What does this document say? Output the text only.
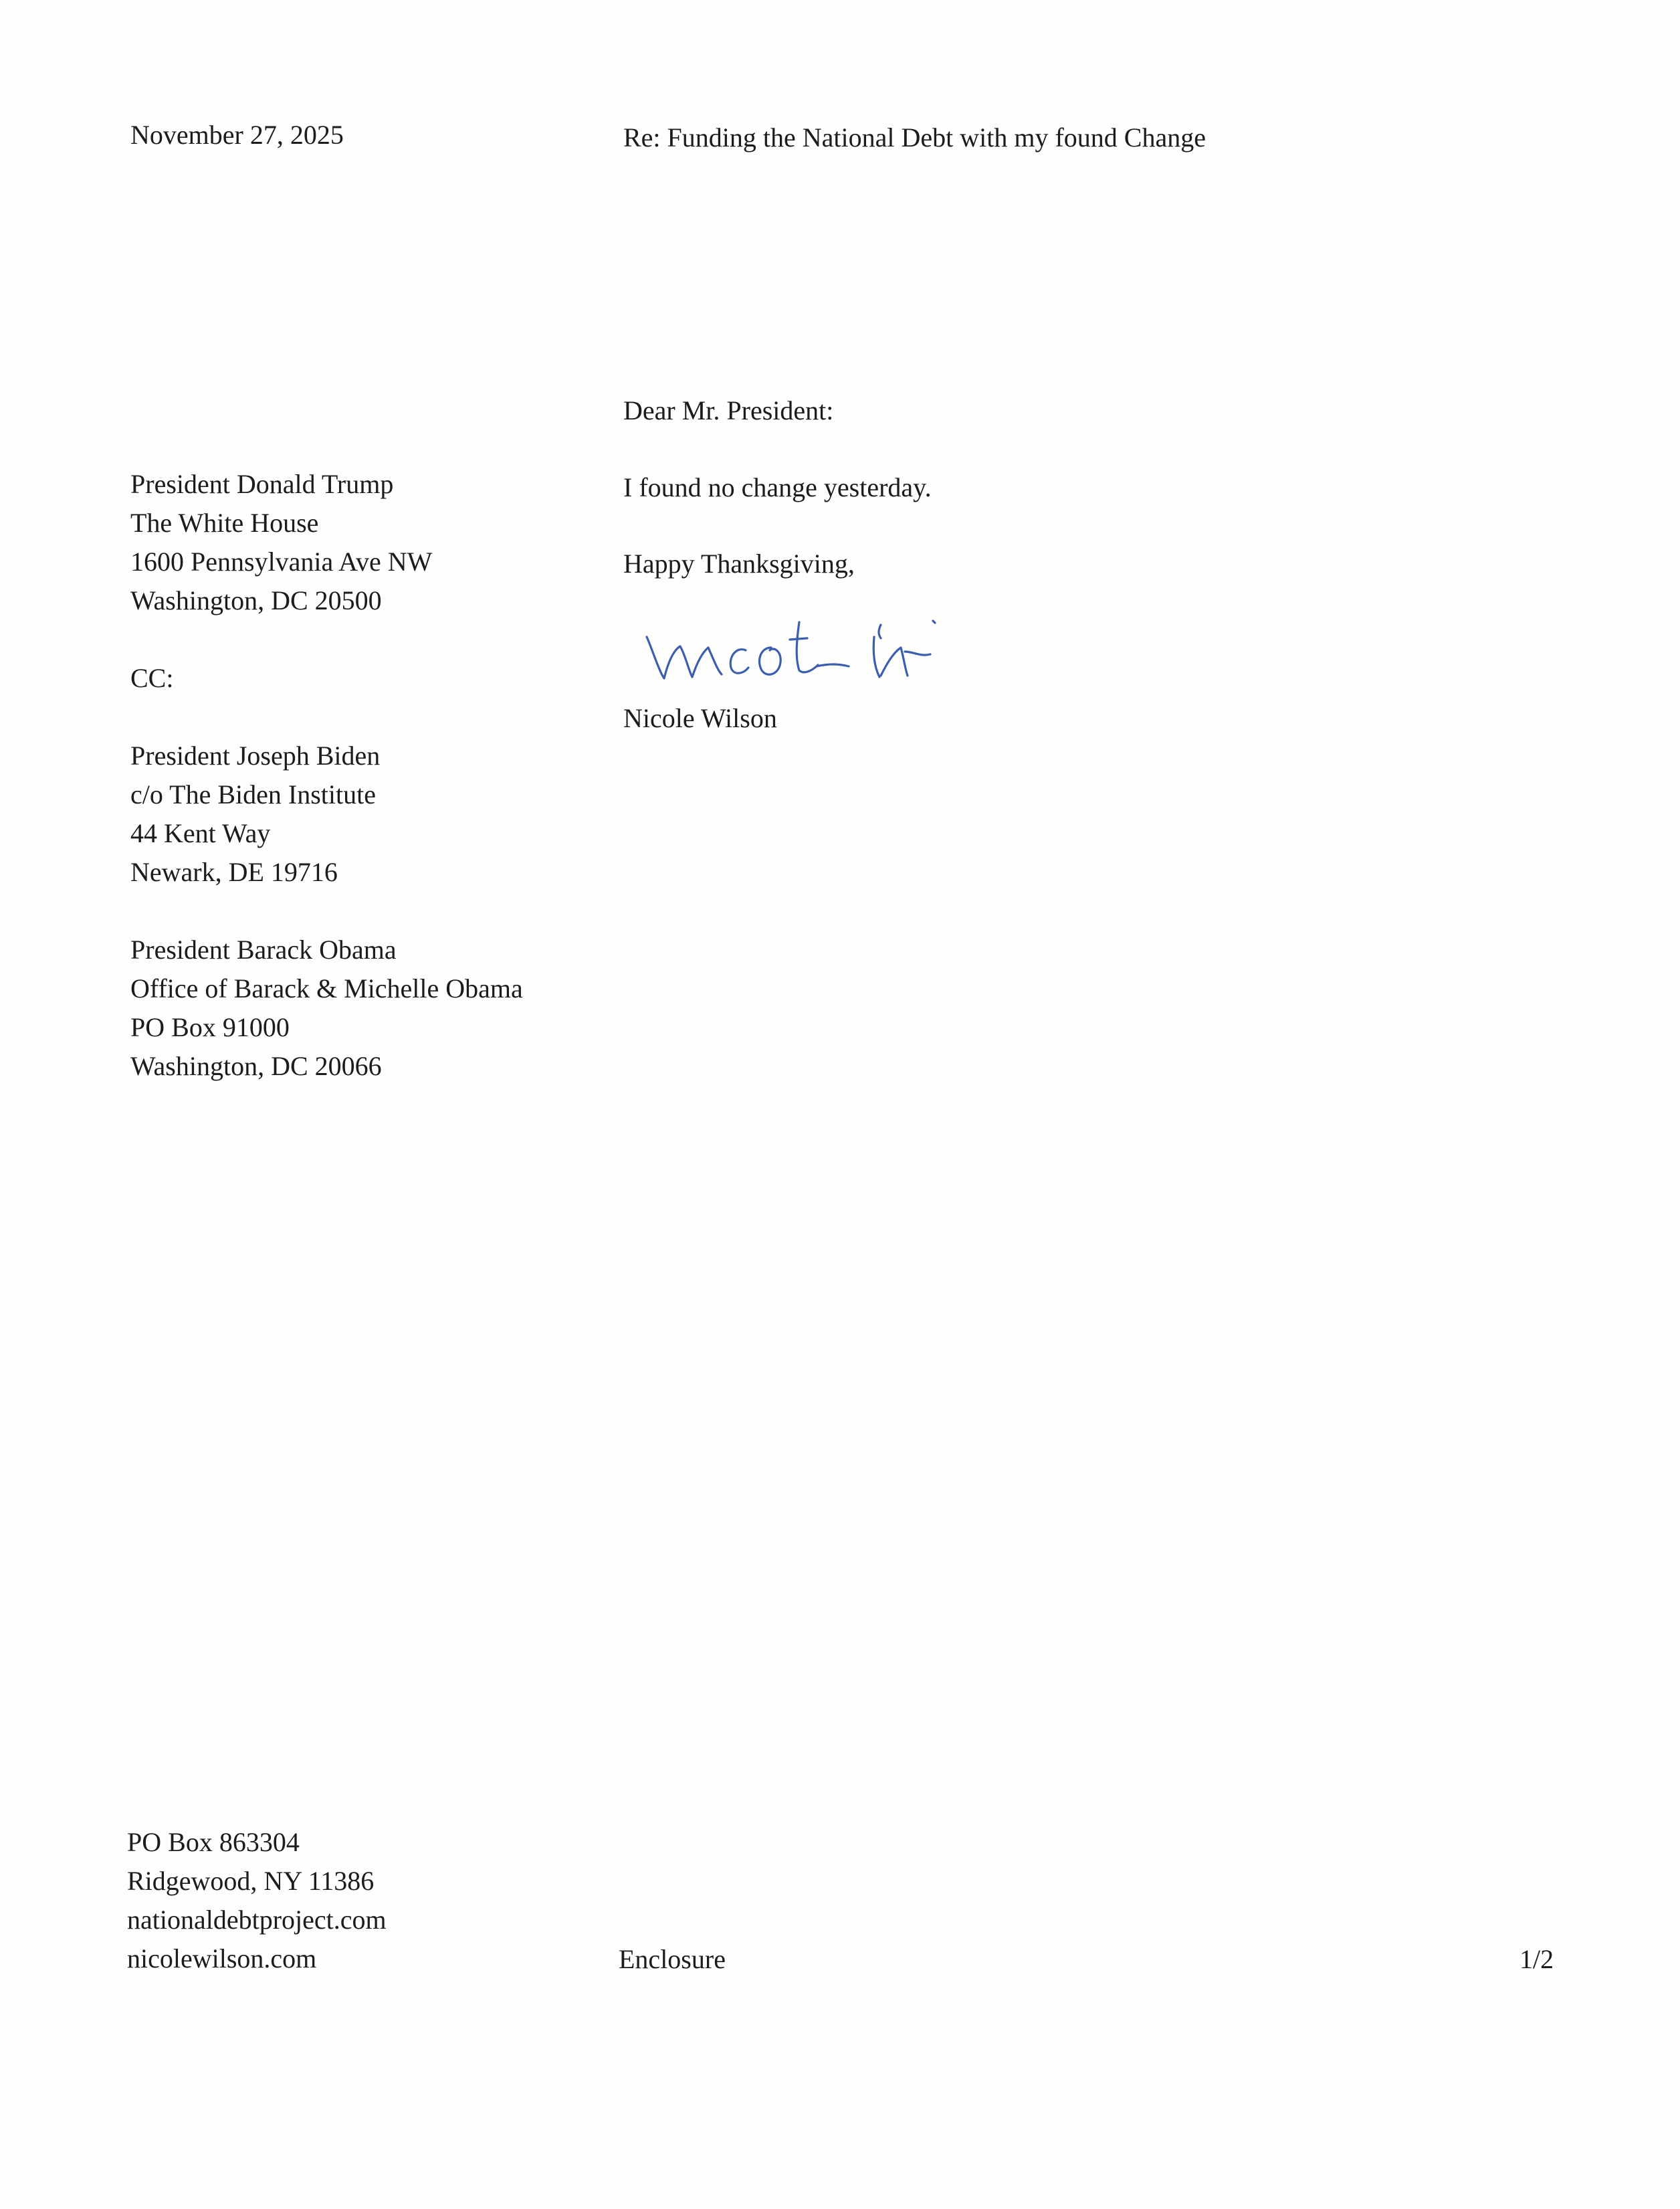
November 27, 2025	Re: Funding the National Debt with my found Change
President Donald Trump
The White House
1600 Pennsylvania Ave NW
Washington, DC 20500
CC:
President Joseph Biden
c/o The Biden Institute
44 Kent Way
Newark, DE 19716
President Barack Obama
Office of Barack & Michelle Obama
PO Box 91000
Washington, DC 20066
Dear Mr. President:
I found no change yesterday.
Happy Thanksgiving,
Nicole Wilson
PO Box 863304
Ridgewood, NY 11386
nationaldebtproject.com
nicolewilson.com	Enclosure	1/2
